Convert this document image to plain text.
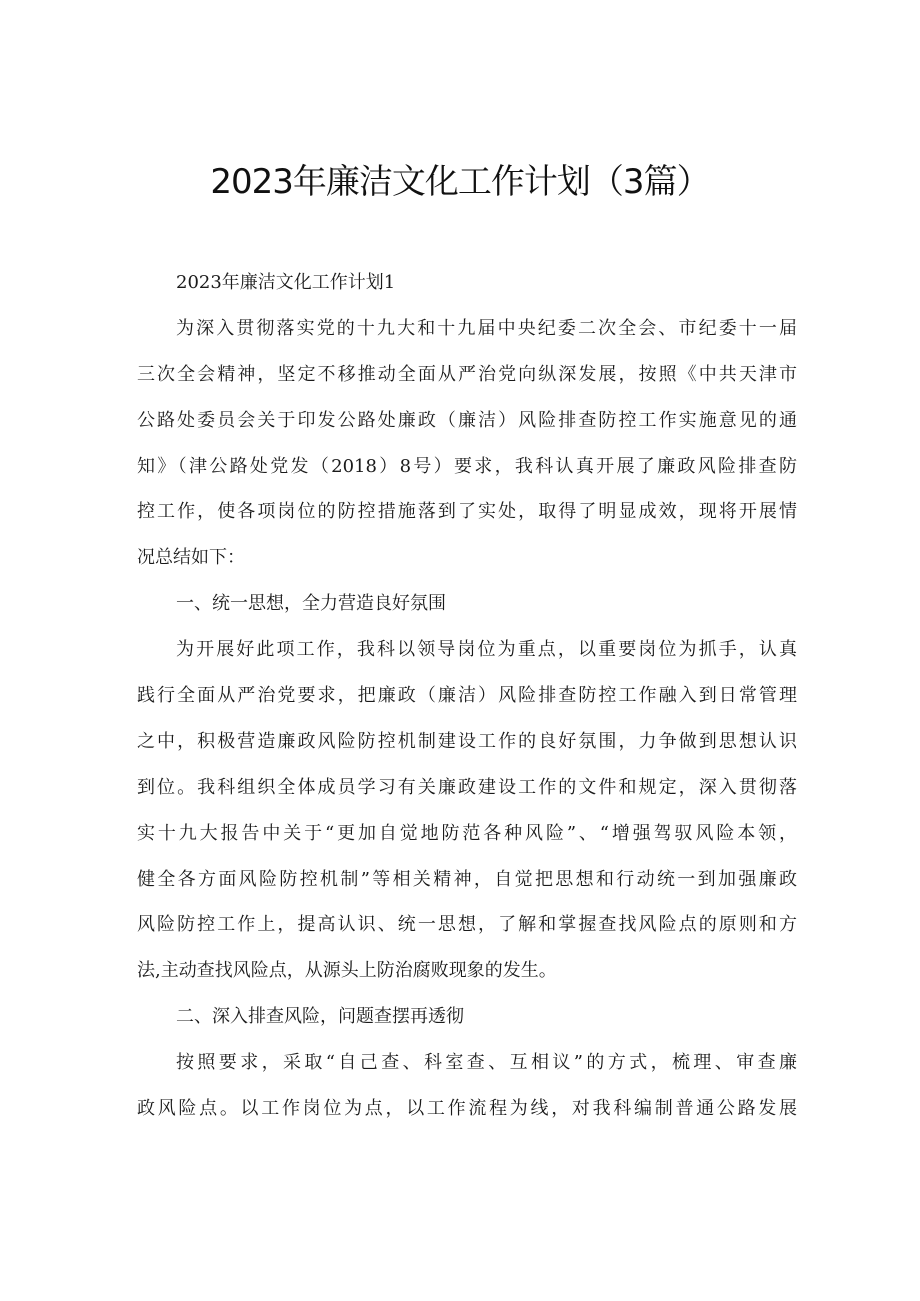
2023年廉洁文化工作计划（3篇）
2023年廉洁文化工作计划1
为深入贯彻落实党的十九大和十九届中央纪委二次全会、市纪委十一届
三次全会精神，坚定不移推动全面从严治党向纵深发展，按照《中共天津市
公路处委员会关于印发公路处廉政（廉洁）风险排查防控工作实施意见的通
知》（津公路处党发（2018）8号）要求，我科认真开展了廉政风险排查防
控工作，使各项岗位的防控措施落到了实处，取得了明显成效，现将开展情
况总结如下：
一、统一思想，全力营造良好氛围
为开展好此项工作，我科以领导岗位为重点，以重要岗位为抓手，认真
践行全面从严治党要求，把廉政（廉洁）风险排查防控工作融入到日常管理
之中，积极营造廉政风险防控机制建设工作的良好氛围，力争做到思想认识
到位。我科组织全体成员学习有关廉政建设工作的文件和规定，深入贯彻落
实十九大报告中关于“更加自觉地防范各种风险”、“增强驾驭风险本领，
健全各方面风险防控机制”等相关精神，自觉把思想和行动统一到加强廉政
风险防控工作上，提高认识、统一思想，了解和掌握查找风险点的原则和方
法,主动查找风险点，从源头上防治腐败现象的发生。
二、深入排查风险，问题查摆再透彻
按照要求，采取“自己查、科室查、互相议”的方式，梳理、审查廉
政风险点。以工作岗位为点，以工作流程为线，对我科编制普通公路发展
